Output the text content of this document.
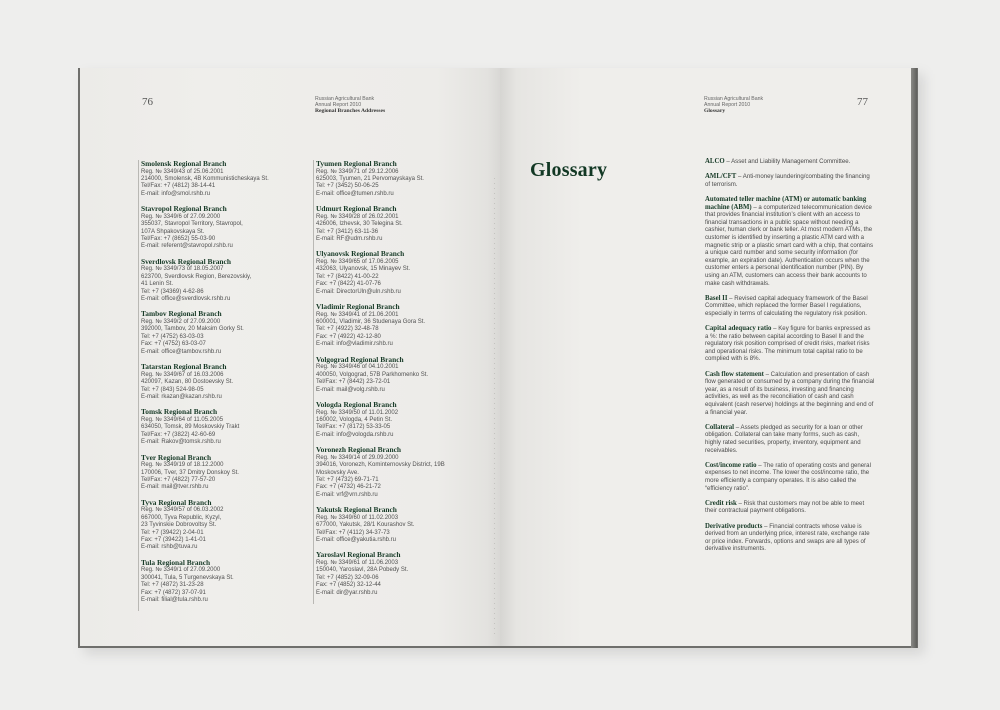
76	Russian Agricultural Bank
Annual Report 2010
Regional Branches Addresses
Smolensk Regional Branch
Reg. № 3349/43 of 25.06.2001
214000, Smolensk, 4B Kommunisticheskaya St.
Tel/Fax: +7 (4812) 38-14-41
E-mail: info@smol.rshb.ru
Stavropol Regional Branch
Reg. № 3349/6 of 27.09.2000
355037, Stavropol Territory, Stavropol,
107A Shpakovskaya St.
Tel/Fax: +7 (8652) 55-03-90
E-mail: referent@stavropol.rshb.ru
Sverdlovsk Regional Branch
Reg. № 3349/73 of 18.05.2007
623700, Sverdlovsk Region, Berezovskiy,
41 Lenin St.
Tel: +7 (34369) 4-62-86
E-mail: office@sverdlovsk.rshb.ru
Tambov Regional Branch
Reg. № 3349/2 of 27.09.2000
392000, Tambov, 20 Maksim Gorky St.
Tel: +7 (4752) 63-03-03
Fax: +7 (4752) 63-03-07
E-mail: office@tambov.rshb.ru
Tatarstan Regional Branch
Reg. № 3349/67 of 16.03.2006
420097, Kazan, 80 Dostoevsky St.
Tel: +7 (843) 524-98-05
E-mail: rkazan@kazan.rshb.ru
Tomsk Regional Branch
Reg. № 3349/64 of 11.05.2005
634050, Tomsk, 89 Moskovskiy Trakt
Tel/Fax: +7 (3822) 42-60-69
E-mail: Rakov@tomsk.rshb.ru
Tver Regional Branch
Reg. № 3349/19 of 18.12.2000
170006, Tver, 37 Dmitry Donskoy St.
Tel/Fax: +7 (4822) 77-57-20
E-mail: mail@tver.rshb.ru
Tyva Regional Branch
Reg. № 3349/57 of 06.03.2002
667000, Tyva Republic, Kyzyl,
23 Tyvinskie Dobrovoltsy St.
Tel: +7 (39422) 2-04-01
Fax: +7 (39422) 1-41-01
E-mail: rshb@tuva.ru
Tula Regional Branch
Reg. № 3349/1 of 27.09.2000
300041, Tula, 5 Turgenevskaya St.
Tel: +7 (4872) 31-23-28
Fax: +7 (4872) 37-07-91
E-mail: filial@tula.rshb.ru
Tyumen Regional Branch
Reg. № 3349/71 of 29.12.2006
625003, Tyumen, 21 Pervomayskaya St.
Tel: +7 (3452) 50-06-25
E-mail: office@tumen.rshb.ru
Udmurt Regional Branch
Reg. № 3349/28 of 26.02.2001
426006, Izhevsk, 30 Telegina St.
Tel: +7 (3412) 63-11-36
E-mail: RF@udm.rshb.ru
Ulyanovsk Regional Branch
Reg. № 3349/65 of 17.06.2005
432063, Ulyanovsk, 15 Minayev St.
Tel: +7 (8422) 41-00-22
Fax: +7 (8422) 41-07-76
E-mail: DirectorUln@uln.rshb.ru
Vladimir Regional Branch
Reg. № 3349/41 of 21.06.2001
600001, Vladimir, 36 Studenaya Gora St.
Tel: +7 (4922) 32-48-78
Fax: +7 (4922) 42-12-80
E-mail: info@vladimir.rshb.ru
Volgograd Regional Branch
Reg. № 3349/46 of 04.10.2001
400050, Volgograd, 57B Parkhomenko St.
Tel/Fax: +7 (8442) 23-72-01
E-mail: mail@volg.rshb.ru
Vologda Regional Branch
Reg. № 3349/50 of 11.01.2002
160002, Vologda, 4 Petin St.
Tel/Fax: +7 (8172) 53-33-05
E-mail: info@vologda.rshb.ru
Voronezh Regional Branch
Reg. № 3349/14 of 29.09.2000
394016, Voronezh, Kominternovsky District, 19B
Moskovsky Ave.
Tel: +7 (4732) 69-71-71
Fax: +7 (4732) 46-21-72
E-mail: vrf@vrn.rshb.ru
Yakutsk Regional Branch
Reg. № 3349/60 of 11.02.2003
677000, Yakutsk, 28/1 Kourashov St.
Tel/Fax: +7 (4112) 34-37-73
E-mail: office@yakutia.rshb.ru
Yaroslavl Regional Branch
Reg. № 3349/61 of 11.06.2003
150040, Yaroslavl, 28A Pobedy St.
Tel: +7 (4852) 32-09-06
Fax: +7 (4852) 32-12-44
E-mail: dir@yar.rshb.ru
Russian Agricultural Bank
Annual Report 2010
Glossary
77
Glossary	ALCO – Asset and Liability Management Committee.
AML/CFT – Anti-money laundering/combating the financing of terrorism.
Automated teller machine (ATM) or automatic banking machine (ABM) – a computerized telecommunication device that provides financial institution’s client with an access to financial transactions in a public space without needing a cashier, human clerk or bank teller. At most modern ATMs, the customer is identified by inserting a plastic ATM card with a magnetic strip or a plastic smart card with a chip, that contains a unique card number and some security information (for example, an expiration date). Authentication occurs when the customer enters a personal identification number (PIN). By using an ATM, customers can access their bank accounts to make cash withdrawals.
Basel II – Revised capital adequacy framework of the Basel Committee, which replaced the former Basel I regulations, especially in terms of calculating the regulatory risk position.
Capital adequacy ratio – Key figure for banks expressed as a %: the ratio between capital according to Basel II and the regulatory risk position comprised of credit risks, market risks and operational risks. The minimum total capital ratio to be complied with is 8%.
Cash flow statement – Calculation and presentation of cash flow generated or consumed by a company during the financial year, as a result of its business, investing and financing activities, as well as the reconciliation of cash and cash equivalent (cash reserve) holdings at the beginning and end of a financial year.
Collateral – Assets pledged as security for a loan or other obligation. Collateral can take many forms, such as cash, highly rated securities, property, inventory, equipment and receivables.
Cost/income ratio – The ratio of operating costs and general expenses to net income. The lower the cost/income ratio, the more efficiently a company operates. It is also called the “efficiency ratio”.
Credit risk – Risk that customers may not be able to meet their contractual payment obligations.
Derivative products – Financial contracts whose value is derived from an underlying price, interest rate, exchange rate or price index. Forwards, options and swaps are all types of derivative instruments.
